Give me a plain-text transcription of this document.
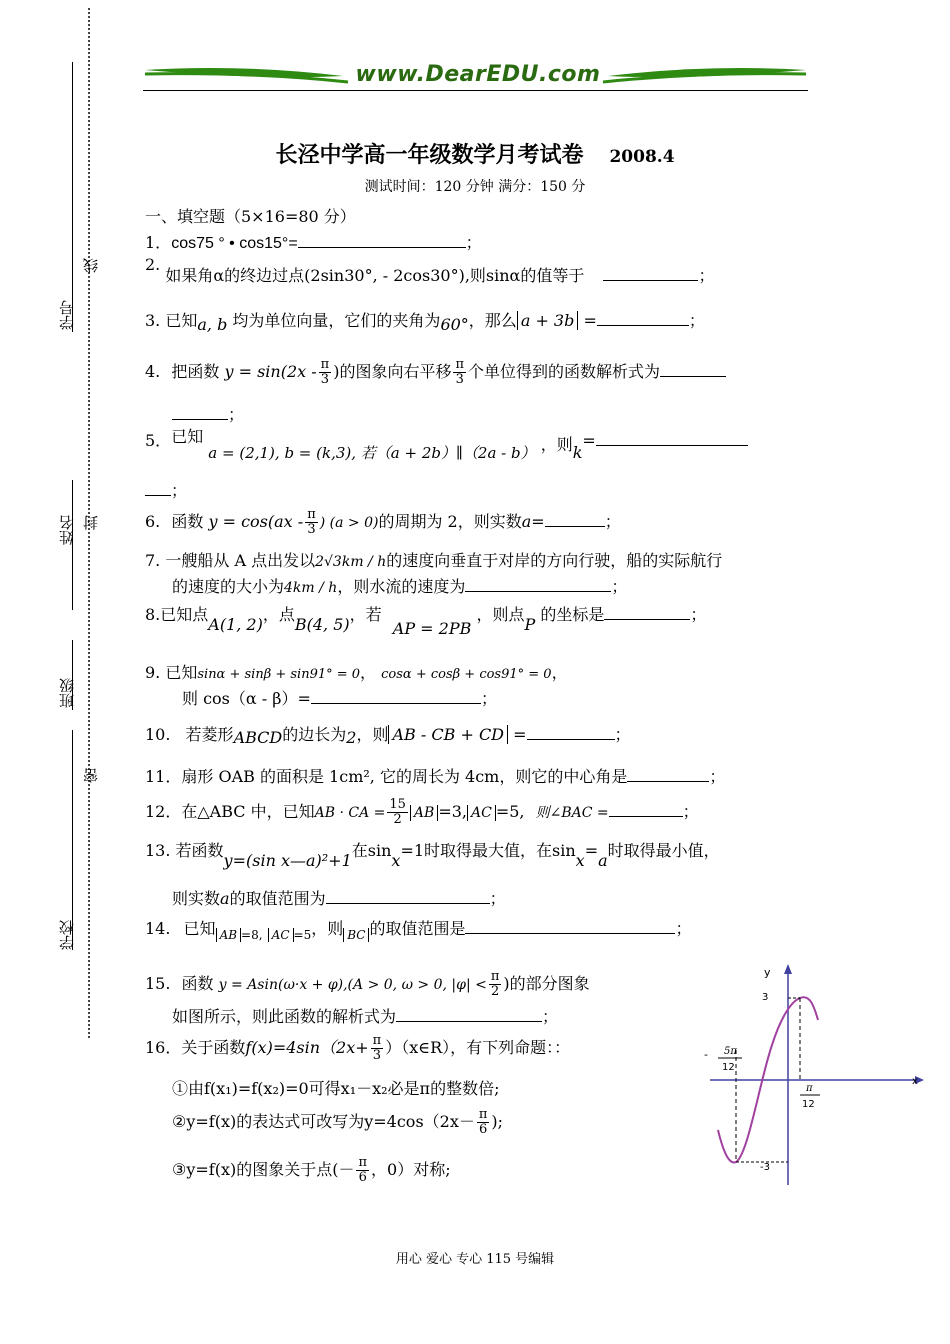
学号
姓名
班级
学校
线
封
密
www.DearEDU.com
长泾中学高一年级数学月考试卷 2008.4
测试时间：120 分钟 满分：150 分
一、填空题（5×16=80 分）
1．cos75 ° • cos15°=	；
2. 如果角α的终边过点(2sin30°, - 2cos30°),则sinα的值等于	；
3. 已知a, b 均为单位向量，它们的夹角为60°，那么 a + 3b =	；
4. 把函数 $y = \sin(2x - \frac{\pi}{3}$ )的图象向右平移 $\frac{\pi}{3}$ 个单位得到的函数解析式为
；
5．已知 a = (2,1), b = (k,3), 若（a + 2b）∥（2a - b） ，则k=
；
6. 函数 $y = \cos(ax - \frac{\pi}{3}$ ) (a > 0)的周期为 2，则实数a=	；
7. 一艘船从 A 点出发以2√3km / h的速度向垂直于对岸的方向行驶，船的实际航行
的速度的大小为4km / h，则水流的速度为	；
8.已知点A(1, 2)，点B(4, 5)，若 AP = 2PB ，则点P 的坐标是	；
9. 已知sinα + sinβ + sin91° = 0， cosα + cosβ + cos91° = 0，
则 cos（α - β）=	；
10. 若菱形ABCD的边长为2，则 AB - CB + CD =	；
11．扇形 OAB 的面积是 1cm², 它的周长为 4cm，则它的中心角是	；
12．在△ABC 中，已知AB · CA = $\frac{15}{2}$ AB =3, AC =5, 则∠BAC =	；
13. 若函数y=(sin x—a)²+1在sinx=1时取得最大值，在sinx=a时取得最小值，
则实数a的取值范围为	；
14. 已知 $_{AB}$ $_{=8,}$ $_{AC}$ $_{=5}$，则 $_{BC}$ 的取值范围是	；
15. 函数 y = Asin(ω·x + φ),(A > 0, ω > 0, $|\varphi| < \frac{\pi}{2}$ )的部分图象
如图所示，则此函数的解析式为	；
16．关于函数$f(x)=4\sin(2x+ \frac{\pi}{3}$ ）（x∈R），有下列命题：：
①由f(x₁)=f(x₂)=0可得x₁－x₂必是π的整数倍;
②y=f(x)的表达式可改写为$y=4\cos(2x- \frac{\pi}{6}$ );
③y=f(x)的图象关于点(－ $\frac{\pi}{6}$ ，0）对称;
y
x
3
-3
- 5π
12
π
12
用心 爱心 专心 115 号编辑
